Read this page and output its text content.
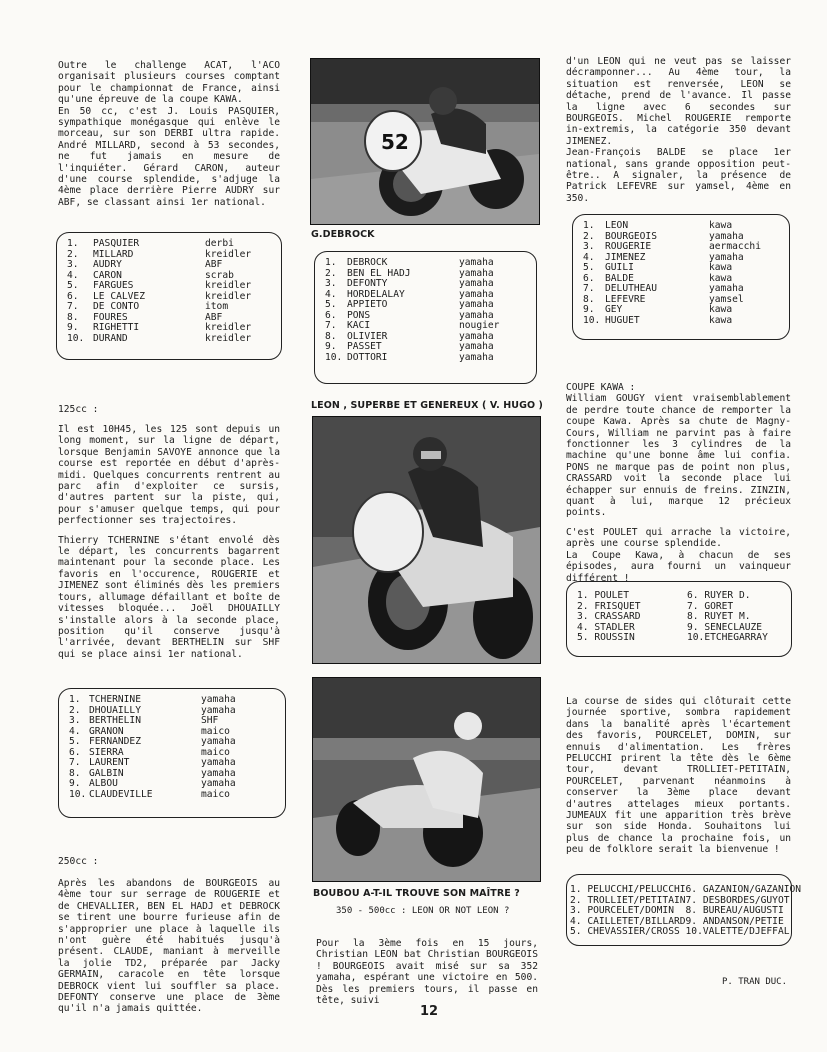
Outre le challenge ACAT, l'ACO organisait plusieurs courses comptant pour le championnat de France, ainsi qu'une épreuve de la coupe KAWA.

En 50 cc, c'est J. Louis PASQUIER, sympathique monégasque qui enlève le morceau, sur son DERBI ultra rapide. André MILLARD, second à 53 secondes, ne fut jamais en mesure de l'inquiéter. Gérard CARON, auteur d'une course splendide, s'adjuge la 4ème place derrière Pierre AUDRY sur ABF, se classant ainsi 1er national.

1.	PASQUIER	derbi
2.	MILLARD	kreidler
3.	AUDRY	ABF
4.	CARON	scrab
5.	FARGUES	kreidler
6.	LE CALVEZ	kreidler
7.	DE CONTO	itom
8.	FOURES	ABF
9.	RIGHETTI	kreidler
10.	DURAND	kreidler
125cc :

Il est 10H45, les 125 sont depuis un long moment, sur la ligne de départ, lorsque Benjamin SAVOYE annonce que la course est reportée en début d'après-midi. Quelques concurrents rentrent au parc afin d'exploiter ce sursis, d'autres partent sur la piste, qui, pour s'amuser quelque temps, qui pour perfectionner ses trajectoires.

Thierry TCHERNINE s'étant envolé dès le départ, les concurrents bagarrent maintenant pour la seconde place. Les favoris en l'occurence, ROUGERIE et JIMENEZ sont éliminés dès les premiers tours, allumage défaillant et boîte de vitesses bloquée... Joël DHOUAILLY s'installe alors à la seconde place, position qu'il conserve jusqu'à l'arrivée, devant BERTHELIN sur SHF qui se place ainsi 1er national.

1.	TCHERNINE	yamaha
2.	DHOUAILLY	yamaha
3.	BERTHELIN	SHF
4.	GRANON	maico
5.	FERNANDEZ	yamaha
6.	SIERRA	maico
7.	LAURENT	yamaha
8.	GALBIN	yamaha
9.	ALBOU	yamaha
10.	CLAUDEVILLE	maico
250cc :

Après les abandons de BOURGEOIS au 4ème tour sur serrage de ROUGERIE et de CHEVALLIER, BEN EL HADJ et DEBROCK se tirent une bourre furieuse afin de s'approprier une place à laquelle ils n'ont guère été habitués jusqu'à présent. CLAUDE, maniant à merveille la jolie TD2, préparée par Jacky GERMAIN, caracole en tête lorsque DEBROCK vient lui souffler sa place. DEFONTY conserve une place de 3ème qu'il n'a jamais quittée.

52
G.DEBROCK
1.	DEBROCK	yamaha
2.	BEN EL HADJ	yamaha
3.	DEFONTY	yamaha
4.	HORDELALAY	yamaha
5.	APPIETO	yamaha
6.	PONS	yamaha
7.	KACI	nougier
8.	OLIVIER	yamaha
9.	PASSET	yamaha
10.	DOTTORI	yamaha
LEON , SUPERBE ET GENEREUX ( V. HUGO )
BOUBOU A-T-IL TROUVE SON MAÎTRE ?
350 - 500cc : LEON OR NOT LEON ?

Pour la 3ème fois en 15 jours, Christian LEON bat Christian BOURGEOIS ! BOURGEOIS avait misé sur sa 352 yamaha, espérant une victoire en 500. Dès les premiers tours, il passe en tête, suivi

d'un LEON qui ne veut pas se laisser décramponner... Au 4ème tour, la situation est renversée, LEON se détache, prend de l'avance. Il passe la ligne avec 6 secondes sur BOURGEOIS. Michel ROUGERIE remporte in-extremis, la catégorie 350 devant JIMENEZ.

Jean-François BALDE se place 1er national, sans grande opposition peut-être.. A signaler, la présence de Patrick LEFEVRE sur yamsel, 4ème en 350.

1.	LEON	kawa
2.	BOURGEOIS	yamaha
3.	ROUGERIE	aermacchi
4.	JIMENEZ	yamaha
5.	GUILI	kawa
6.	BALDE	kawa
7.	DELUTHEAU	yamaha
8.	LEFEVRE	yamsel
9.	GEY	kawa
10.	HUGUET	kawa
COUPE KAWA :

William GOUGY vient vraisemblablement de perdre toute chance de remporter la coupe Kawa. Après sa chute de Magny-Cours, William ne parvint pas à faire fonctionner les 3 cylindres de la machine qu'une bonne âme lui confia. PONS ne marque pas de point non plus, CRASSARD voit la seconde place lui échapper sur ennuis de freins. ZINZIN, quant à lui, marque 12 précieux points.

C'est POULET qui arrache la victoire, après une course splendide.

La Coupe Kawa, à chacun de ses épisodes, aura fourni un vainqueur différent !

1. POULET	6. RUYER D.
2. FRISQUET	7. GORET
3. CRASSARD	8. RUYET M.
4. STADLER	9. SENECLAUZE
5. ROUSSIN	10.ETCHEGARRAY

La course de sides qui clôturait cette journée sportive, sombra rapidement dans la banalité après l'écartement des favoris, POURCELET, DOMIN, sur ennuis d'alimentation. Les frères PELUCCHI prirent la tête dès le 6ème tour, devant TROLLIET-PETITAIN, POURCELET, parvenant néanmoins à conserver la 3ème place devant d'autres attelages mieux portants. JUMEAUX fit une apparition très brève sur son side Honda. Souhaitons lui plus de chance la prochaine fois, un peu de folklore serait la bienvenue !

1. PELUCCHI/PELUCCHI	6. GAZANION/GAZANION
2. TROLLIET/PETITAIN	7. DESBORDES/GUYOT
3. POURCELET/DOMIN	8. BUREAU/AUGUSTI
4. CAILLETET/BILLARD	9. ANDANSON/PETIE
5. CHEVASSIER/CROSS	10.VALETTE/DJEFFAL
P. TRAN DUC.
12
